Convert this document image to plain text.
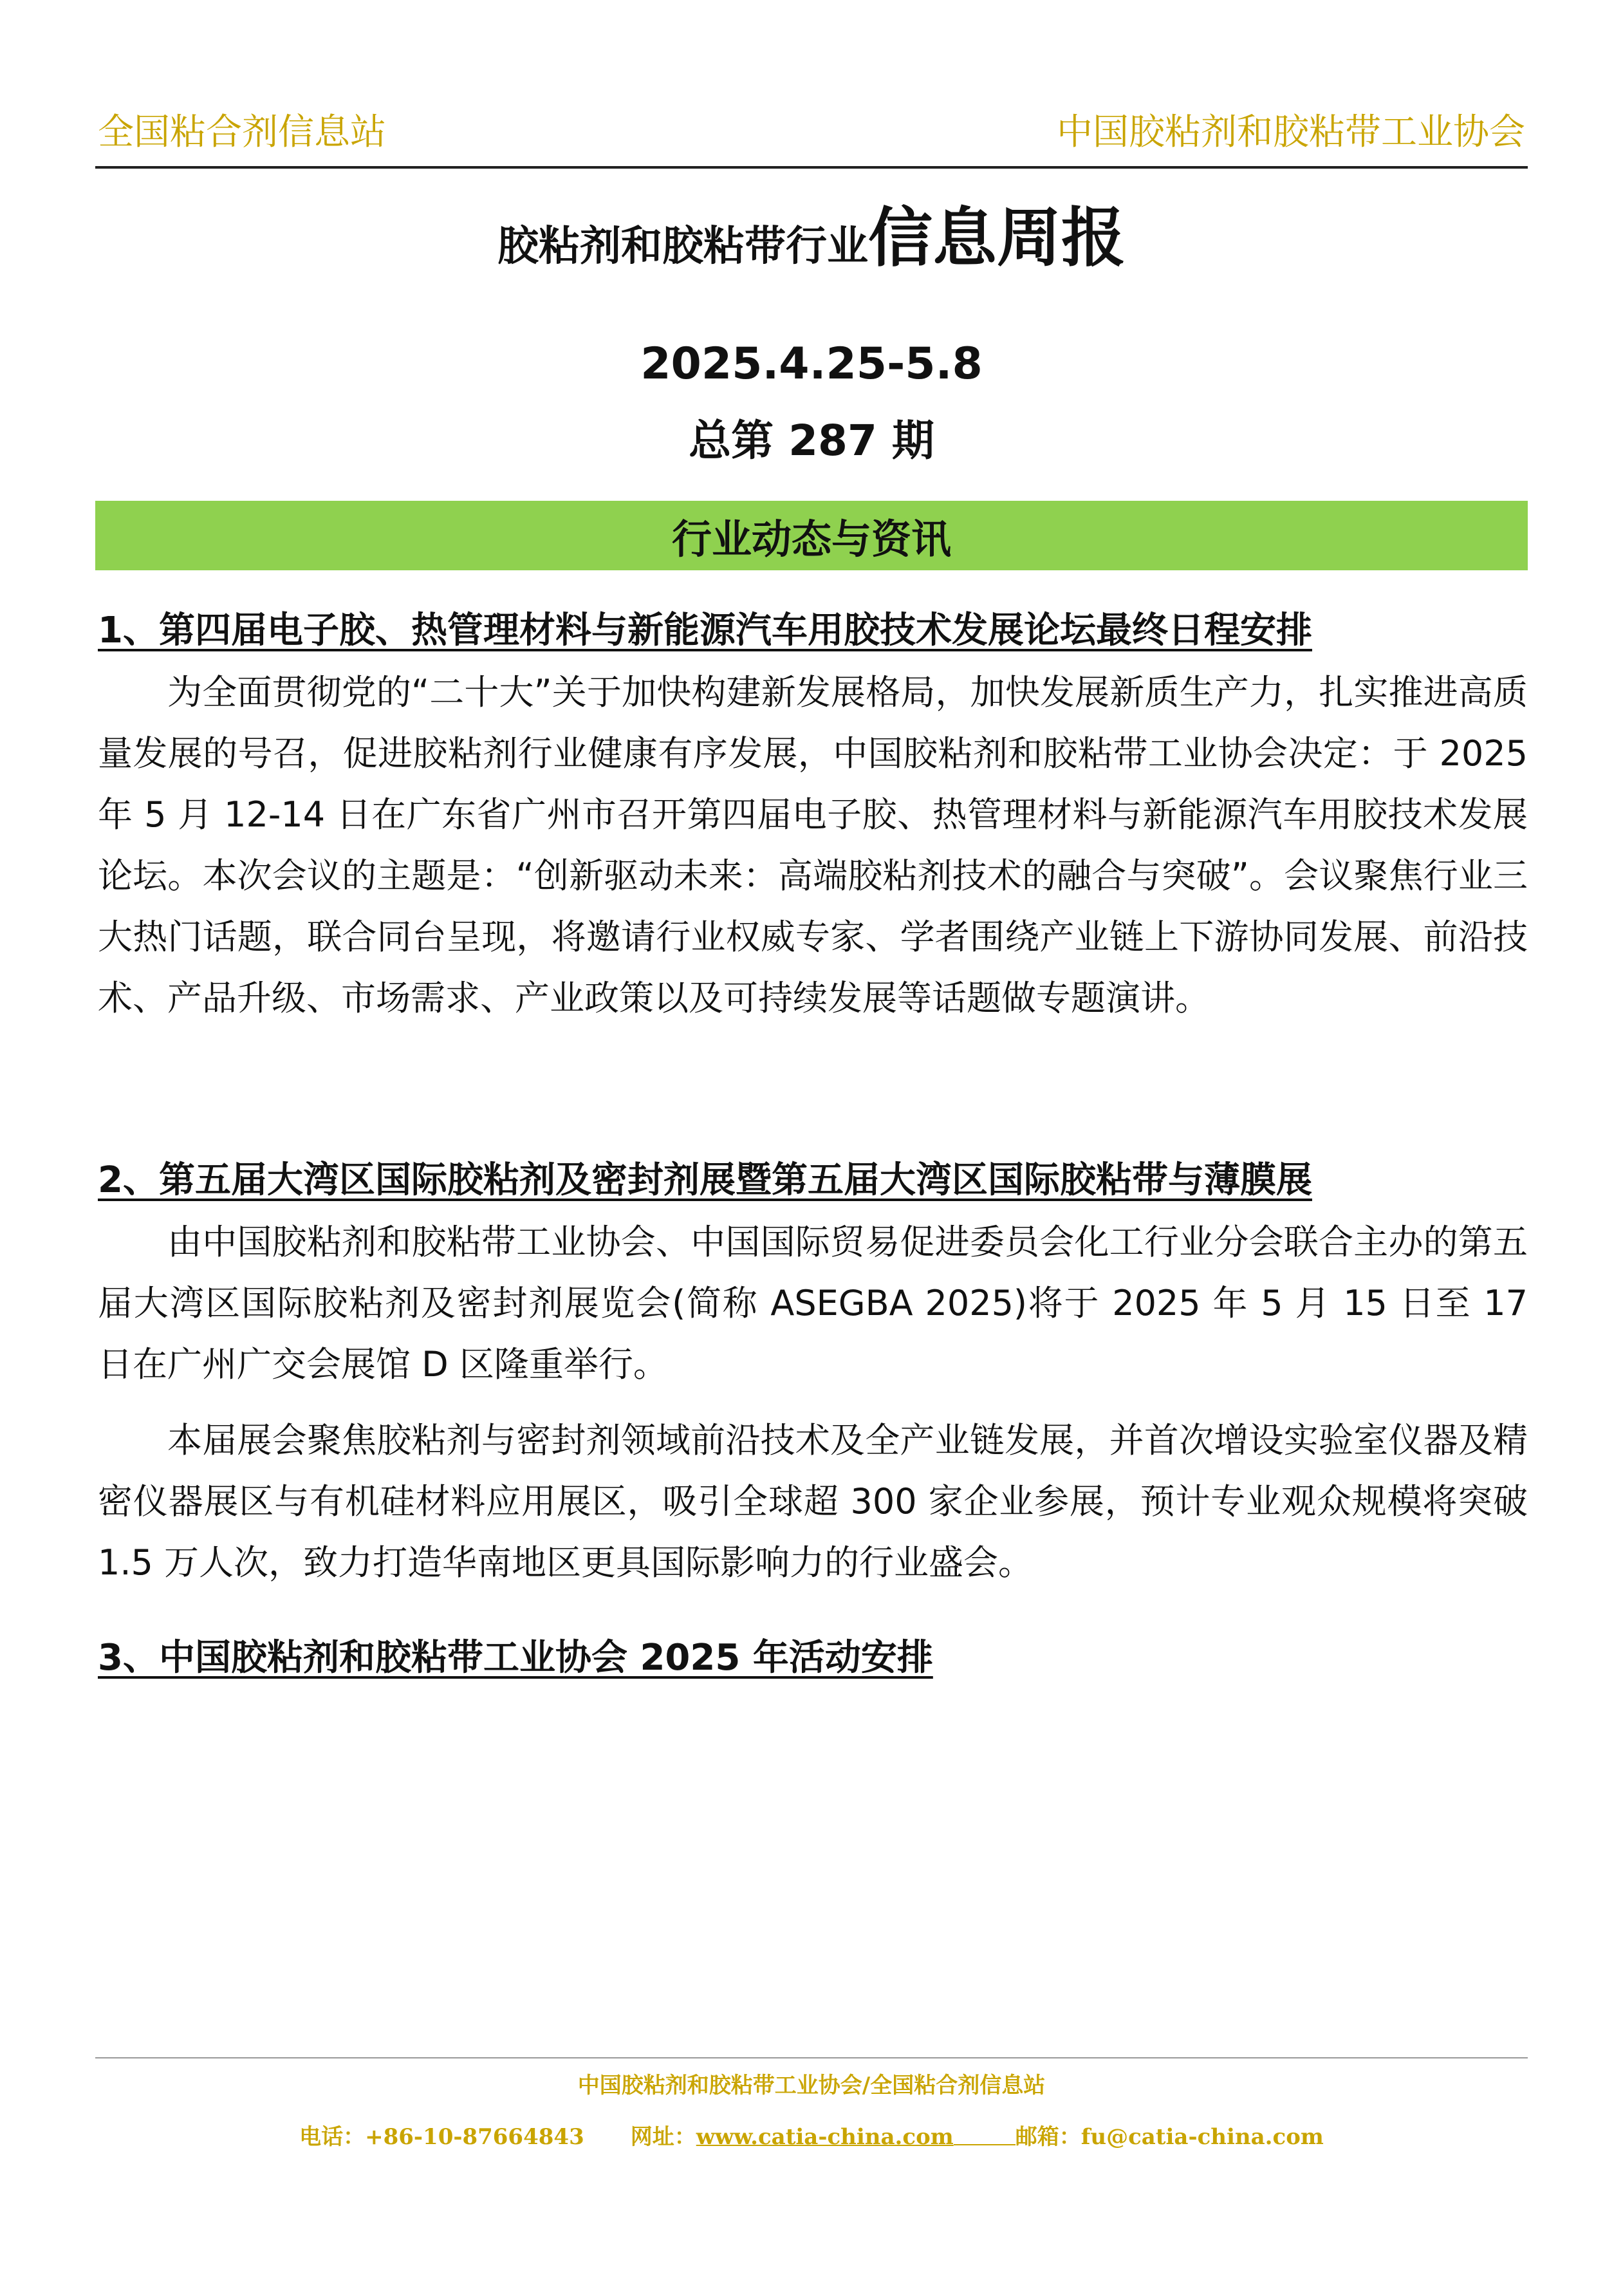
全国粘合剂信息站	中国胶粘剂和胶粘带工业协会
胶粘剂和胶粘带行业信息周报
2025.4.25-5.8
总第 287 期
行业动态与资讯
1、第四届电子胶、热管理材料与新能源汽车用胶技术发展论坛最终日程安排

为全面贯彻党的“二十大”关于加快构建新发展格局，加快发展新质生产力，扎实推进高质量发展的号召，促进胶粘剂行业健康有序发展，中国胶粘剂和胶粘带工业协会决定：于 2025 年 5 月 12-14 日在广东省广州市召开第四届电子胶、热管理材料与新能源汽车用胶技术发展论坛。本次会议的主题是：“创新驱动未来：高端胶粘剂技术的融合与突破”。会议聚焦行业三大热门话题，联合同台呈现，将邀请行业权威专家、学者围绕产业链上下游协同发展、前沿技术、产品升级、市场需求、产业政策以及可持续发展等话题做专题演讲。

2、第五届大湾区国际胶粘剂及密封剂展暨第五届大湾区国际胶粘带与薄膜展

由中国胶粘剂和胶粘带工业协会、中国国际贸易促进委员会化工行业分会联合主办的第五届大湾区国际胶粘剂及密封剂展览会(简称 ASEGBA 2025)将于 2025 年 5 月 15 日至 17 日在广州广交会展馆 D 区隆重举行。

本届展会聚焦胶粘剂与密封剂领域前沿技术及全产业链发展，并首次增设实验室仪器及精密仪器展区与有机硅材料应用展区，吸引全球超 300 家企业参展，预计专业观众规模将突破 1.5 万人次，致力打造华南地区更具国际影响力的行业盛会。

3、中国胶粘剂和胶粘带工业协会 2025 年活动安排
中国胶粘剂和胶粘带工业协会/全国粘合剂信息站
电话：+86-10-87664843 网址：www.catia-china.com	邮箱：fu@catia-china.com
